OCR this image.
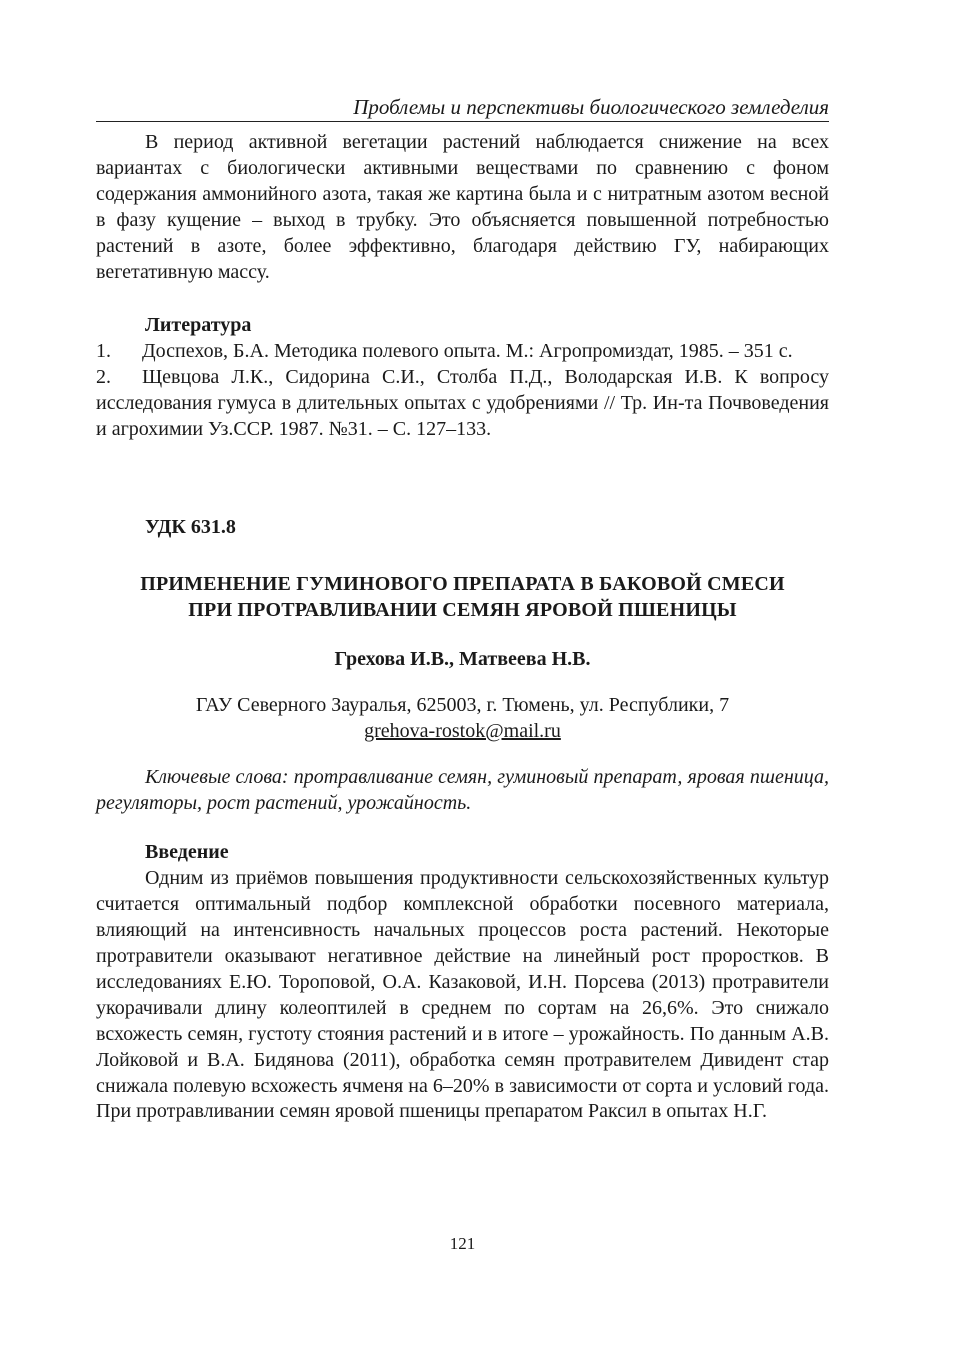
Проблемы и перспективы биологического земледелия

В период активной вегетации растений наблюдается снижение на всех вариантах с биологически активными веществами по сравнению с фоном содержания аммонийного азота, такая же картина была и с нитратным азотом весной в фазу кущение – выход в трубку. Это объясняется повышенной потребностью растений в азоте, более эффективно, благодаря действию ГУ, набирающих вегетативную массу.

Литература

1. Доспехов, Б.А. Методика полевого опыта. М.: Агропромиздат, 1985. – 351 с.

2. Щевцова Л.К., Сидорина С.И., Столба П.Д., Володарская И.В. К вопросу исследования гумуса в длительных опытах с удобрениями // Тр. Ин-та Почвоведения и агрохимии Уз.ССР. 1987. №31. – С. 127–133.

УДК 631.8

ПРИМЕНЕНИЕ ГУМИНОВОГО ПРЕПАРАТА В БАКОВОЙ СМЕСИ
ПРИ ПРОТРАВЛИВАНИИ СЕМЯН ЯРОВОЙ ПШЕНИЦЫ

Грехова И.В., Матвеева Н.В.

ГАУ Северного Зауралья, 625003, г. Тюмень, ул. Республики, 7

grehova-rostok@mail.ru

Ключевые слова: протравливание семян, гуминовый препарат, яровая пшеница, регуляторы, рост растений, урожайность.

Введение

Одним из приёмов повышения продуктивности сельскохозяйственных культур считается оптимальный подбор комплексной обработки посевного материала, влияющий на интенсивность начальных процессов роста растений. Некоторые протравители оказывают негативное действие на линейный рост проростков. В исследованиях Е.Ю. Тороповой, О.А. Казаковой, И.Н. Порсева (2013) протравители укорачивали длину колеоптилей в среднем по сортам на 26,6%. Это снижало всхожесть семян, густоту стояния растений и в итоге – урожайность. По данным А.В. Лойковой и В.А. Бидянова (2011), обработка семян протравителем Дивидент стар снижала полевую всхожесть ячменя на 6–20% в зависимости от сорта и условий года. При протравливании семян яровой пшеницы препаратом Раксил в опытах Н.Г.

121
